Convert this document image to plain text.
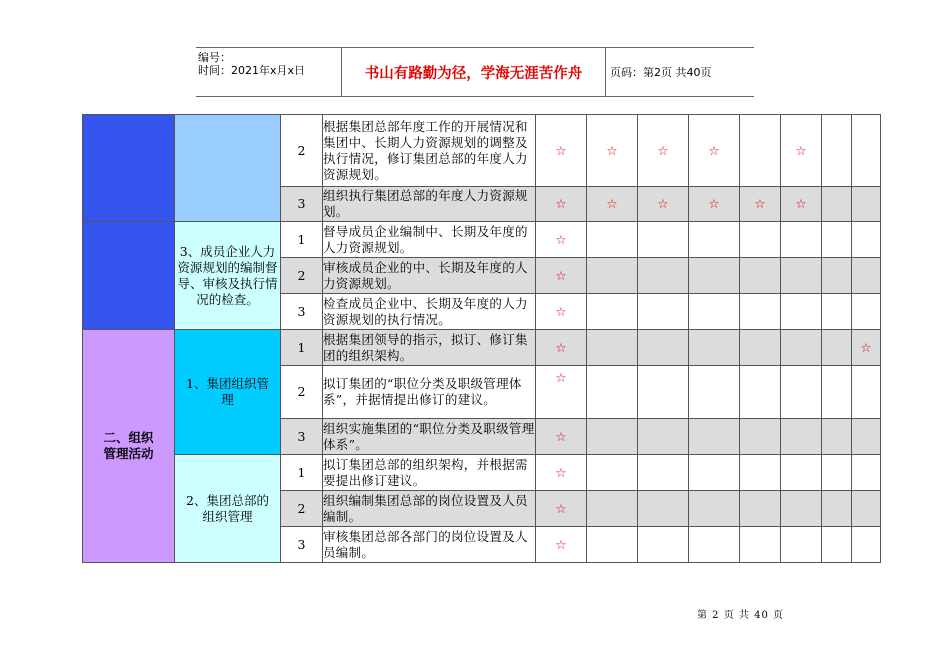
编号：
时间：2021年x月x日	书山有路勤为径，学海无涯苦作舟	页码：第2页 共40页
		2	根据集团总部年度工作的开展情况和集团中、长期人力资源规划的调整及执行情况，修订集团总部的年度人力资源规划。	☆	☆	☆	☆		☆		
		3	组织执行集团总部的年度人力资源规划。	☆	☆	☆	☆	☆	☆		
	3、成员企业人力资源规划的编制督导、审核及执行情况的检查。	1	督导成员企业编制中、长期及年度的人力资源规划。	☆							
		2	审核成员企业的中、长期及年度的人力资源规划。	☆							
		3	检查成员企业中、长期及年度的人力资源规划的执行情况。	☆							

二、组织管理活动	1、集团组织管理	1	根据集团领导的指示，拟订、修订集团的组织架构。	☆							☆
		2	拟订集团的“职位分类及职级管理体系”，并据情提出修订的建议。	☆							
		3	组织实施集团的“职位分类及职级管理体系”。	☆							

	2、集团总部的组织管理	1	拟订集团总部的组织架构，并根据需要提出修订建议。	☆							
		2	组织编制集团总部的岗位设置及人员编制。	☆							
		3	审核集团总部各部门的岗位设置及人员编制。	☆							
第 2 页 共 40 页
